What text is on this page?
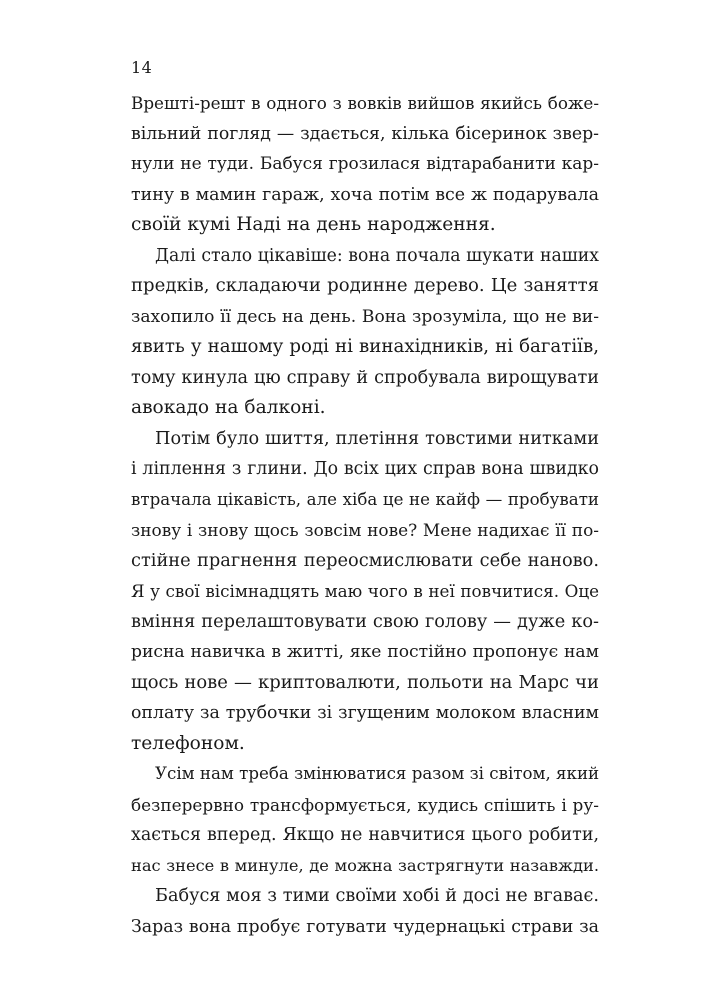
14
Врешті-решт в одного з вовків вийшов якийсь боже-
вільний погляд — здається, кілька бісеринок звер-
нули не туди. Бабуся грозилася відтарабанити кар-
тину в мамин гараж, хоча потім все ж подарувала
своїй кумі Наді на день народження.
Далі стало цікавіше: вона почала шукати наших
предків, складаючи родинне дерево. Це заняття
захопило її десь на день. Вона зрозуміла, що не ви-
явить у нашому роді ні винахідників, ні багатіїв,
тому кинула цю справу й спробувала вирощувати
авокадо на балконі.
Потім було шиття, плетіння товстими нитками
і ліплення з глини. До всіх цих справ вона швидко
втрачала цікавість, але хіба це не кайф — пробувати
знову і знову щось зовсім нове? Мене надихає її по-
стійне прагнення переосмислювати себе наново.
Я у свої вісімнадцять маю чого в неї повчитися. Оце
вміння перелаштовувати свою голову — дуже ко-
рисна навичка в житті, яке постійно пропонує нам
щось нове — криптовалюти, польоти на Марс чи
оплату за трубочки зі згущеним молоком власним
телефоном.
Усім нам треба змінюватися разом зі світом, який
безперервно трансформується, кудись спішить і ру-
хається вперед. Якщо не навчитися цього робити,
нас знесе в минуле, де можна застрягнути назавжди.
Бабуся моя з тими своїми хобі й досі не вгаває.
Зараз вона пробує готувати чудернацькі страви за
